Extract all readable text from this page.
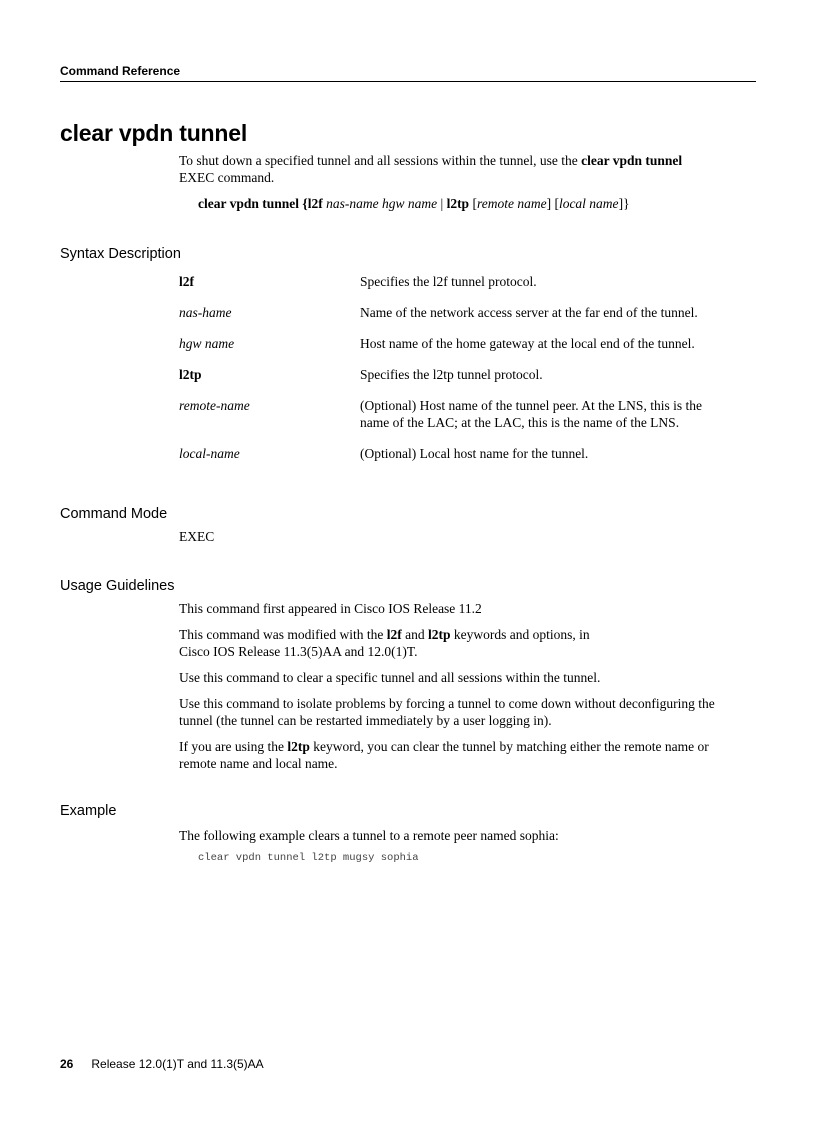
Command Reference
clear vpdn tunnel
To shut down a specified tunnel and all sessions within the tunnel, use the clear vpdn tunnel EXEC command.
clear vpdn tunnel {l2f nas-name hgw name | l2tp [remote name] [local name]}
Syntax Description
l2f	Specifies the l2f tunnel protocol.
nas-hame	Name of the network access server at the far end of the tunnel.
hgw name	Host name of the home gateway at the local end of the tunnel.
l2tp	Specifies the l2tp tunnel protocol.
remote-name	(Optional) Host name of the tunnel peer. At the LNS, this is the name of the LAC; at the LAC, this is the name of the LNS.
local-name	(Optional) Local host name for the tunnel.
Command Mode
EXEC
Usage Guidelines

This command first appeared in Cisco IOS Release 11.2

This command was modified with the l2f and l2tp keywords and options, in
Cisco IOS Release 11.3(5)AA and 12.0(1)T.

Use this command to clear a specific tunnel and all sessions within the tunnel.

Use this command to isolate problems by forcing a tunnel to come down without deconfiguring the tunnel (the tunnel can be restarted immediately by a user logging in).

If you are using the l2tp keyword, you can clear the tunnel by matching either the remote name or remote name and local name.

Example
The following example clears a tunnel to a remote peer named sophia:
clear vpdn tunnel l2tp mugsy sophia
26 Release 12.0(1)T and 11.3(5)AA
